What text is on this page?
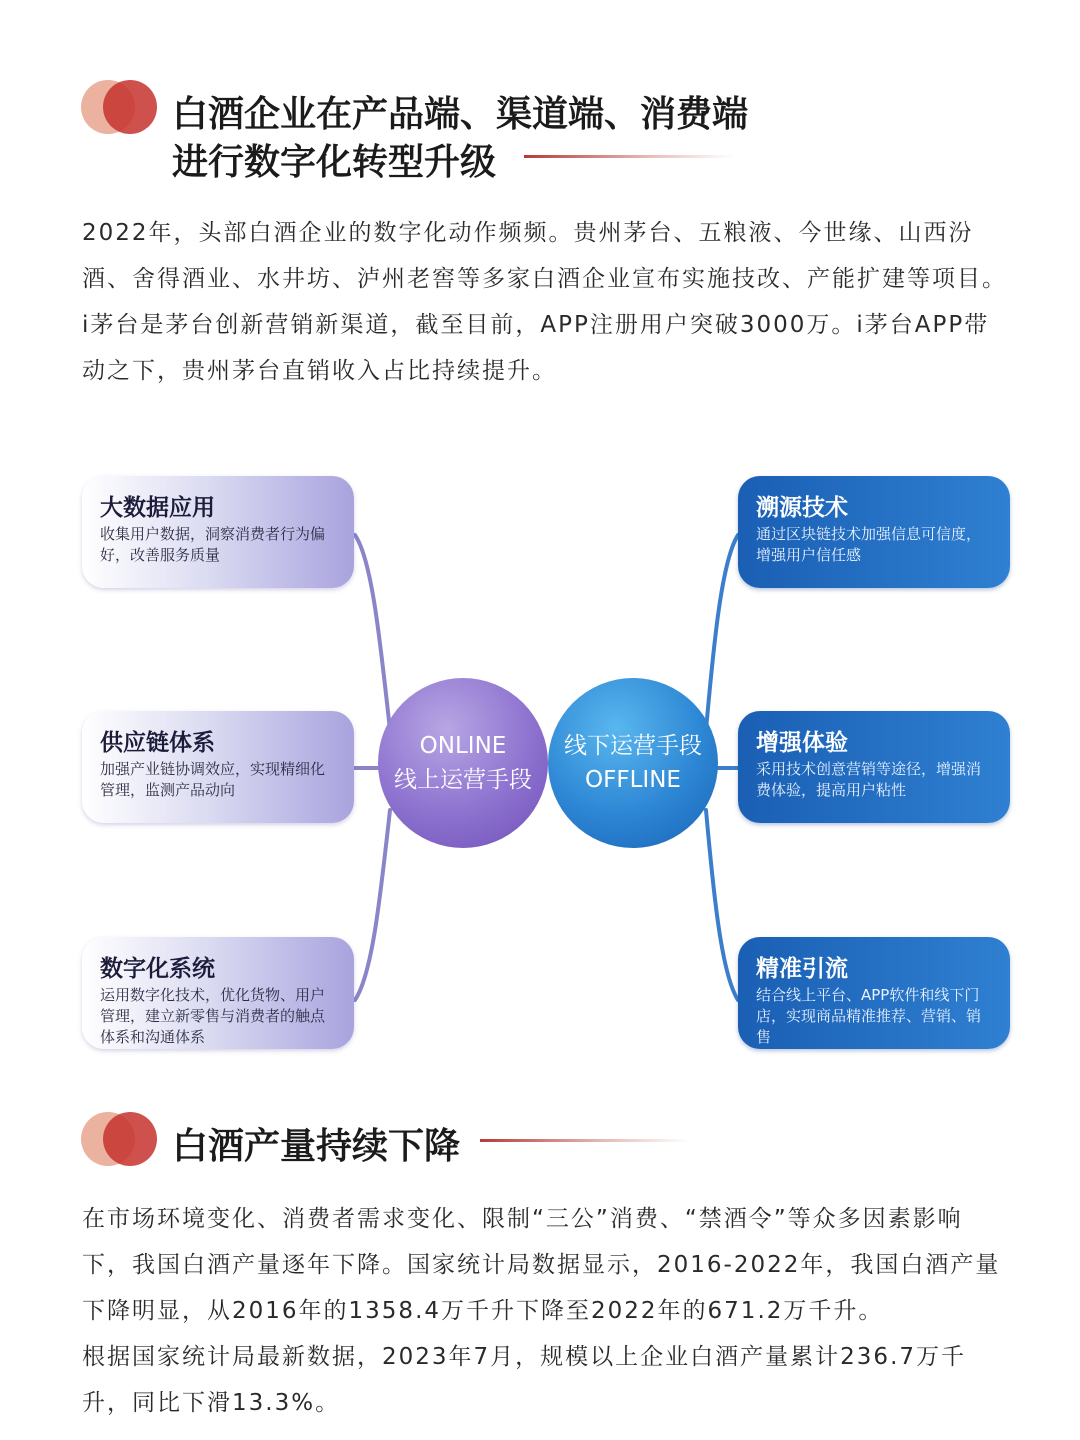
白酒企业在产品端、渠道端、消费端
进行数字化转型升级

2022年，头部白酒企业的数字化动作频频。贵州茅台、五粮液、今世缘、山西汾酒、舍得酒业、水井坊、泸州老窖等多家白酒企业宣布实施技改、产能扩建等项目。

i茅台是茅台创新营销新渠道，截至目前，APP注册用户突破3000万。i茅台APP带动之下，贵州茅台直销收入占比持续提升。

大数据应用
收集用户数据，洞察消费者行为偏好，改善服务质量
供应链体系
加强产业链协调效应，实现精细化管理，监测产品动向
数字化系统
运用数字化技术，优化货物、用户管理，建立新零售与消费者的触点体系和沟通体系
溯源技术
通过区块链技术加强信息可信度，增强用户信任感
增强体验
采用技术创意营销等途径，增强消费体验，提高用户粘性
精准引流
结合线上平台、APP软件和线下门店，实现商品精准推荐、营销、销售
ONLINE
线上运营手段
线下运营手段
OFFLINE
白酒产量持续下降

在市场环境变化、消费者需求变化、限制“三公”消费、“禁酒令”等众多因素影响下，我国白酒产量逐年下降。国家统计局数据显示，2016-2022年，我国白酒产量下降明显，从2016年的1358.4万千升下降至2022年的671.2万千升。

根据国家统计局最新数据，2023年7月，规模以上企业白酒产量累计236.7万千升，同比下滑13.3%。
